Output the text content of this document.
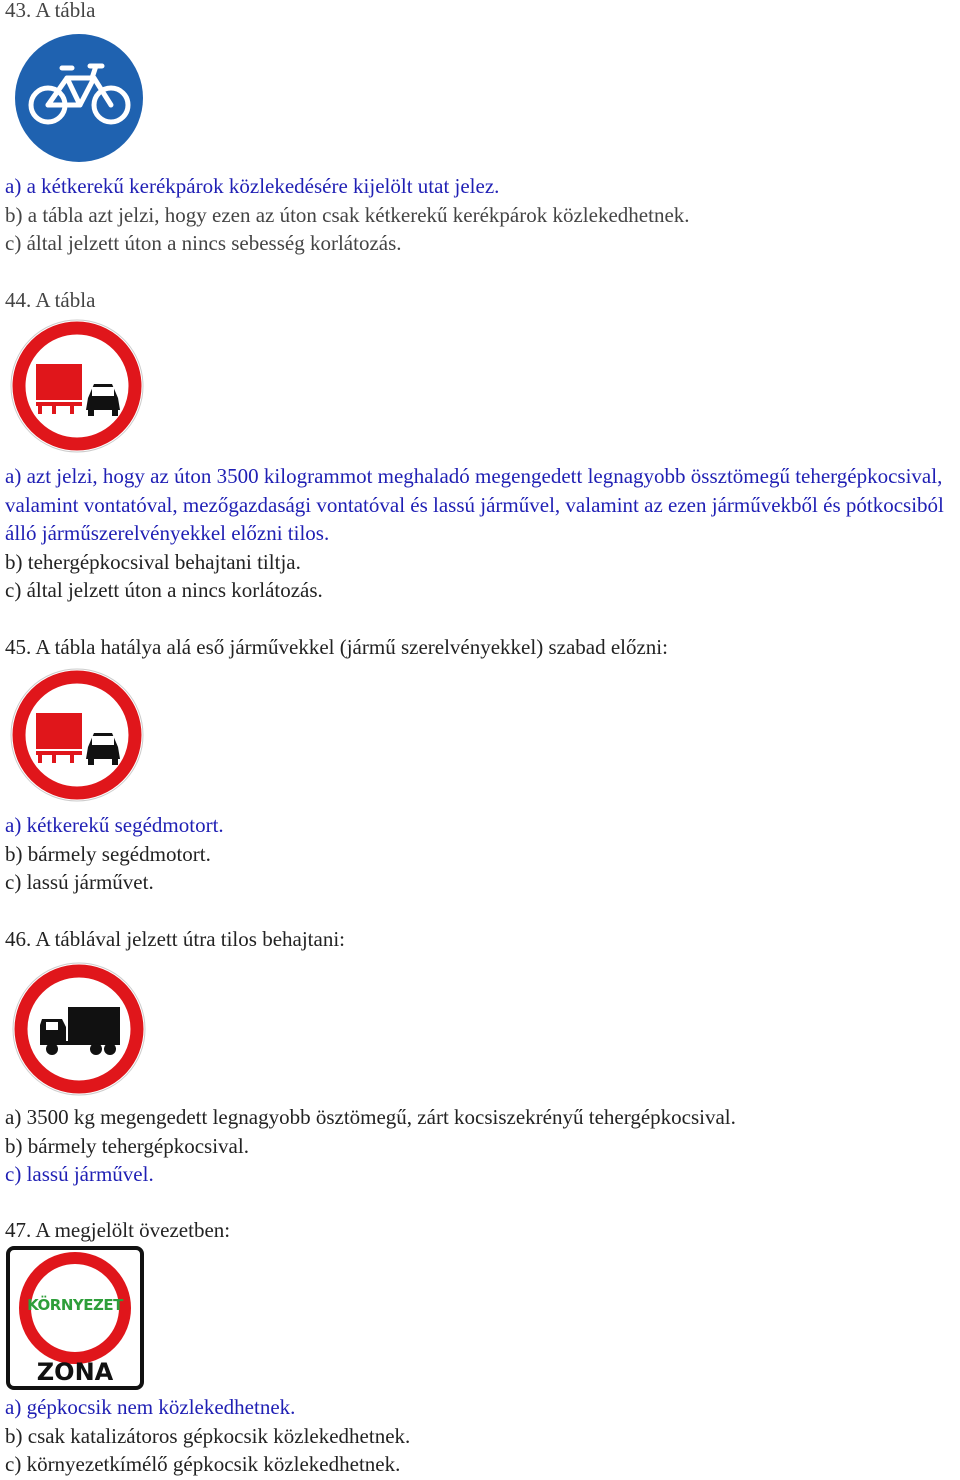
43. A tábla

a) a kétkerekű kerékpárok közlekedésére kijelölt utat jelez.

b) a tábla azt jelzi, hogy ezen az úton csak kétkerekű kerékpárok közlekedhetnek.

c) által jelzett úton a nincs sebesség korlátozás.

44. A tábla

a) azt jelzi, hogy az úton 3500 kilogrammot meghaladó megengedett legnagyobb össztömegű tehergépkocsival, valamint vontatóval, mezőgazdasági vontatóval és lassú járművel, valamint az ezen járművekből és pótkocsiból álló járműszerelvényekkel előzni tilos.

b) tehergépkocsival behajtani tiltja.

c) által jelzett úton a nincs korlátozás.

45. A tábla hatálya alá eső járművekkel (jármű szerelvényekkel) szabad előzni:

a) kétkerekű segédmotort.

b) bármely segédmotort.

c) lassú járművet.

46. A táblával jelzett útra tilos behajtani:

a) 3500 kg megengedett legnagyobb ösztömegű, zárt kocsiszekrényű tehergépkocsival.

b) bármely tehergépkocsival.

c) lassú járművel.

47. A megjelölt övezetben:
KÖRNYEZET
ZONA

a) gépkocsik nem közlekedhetnek.

b) csak katalizátoros gépkocsik közlekedhetnek.

c) környezetkímélő gépkocsik közlekedhetnek.
